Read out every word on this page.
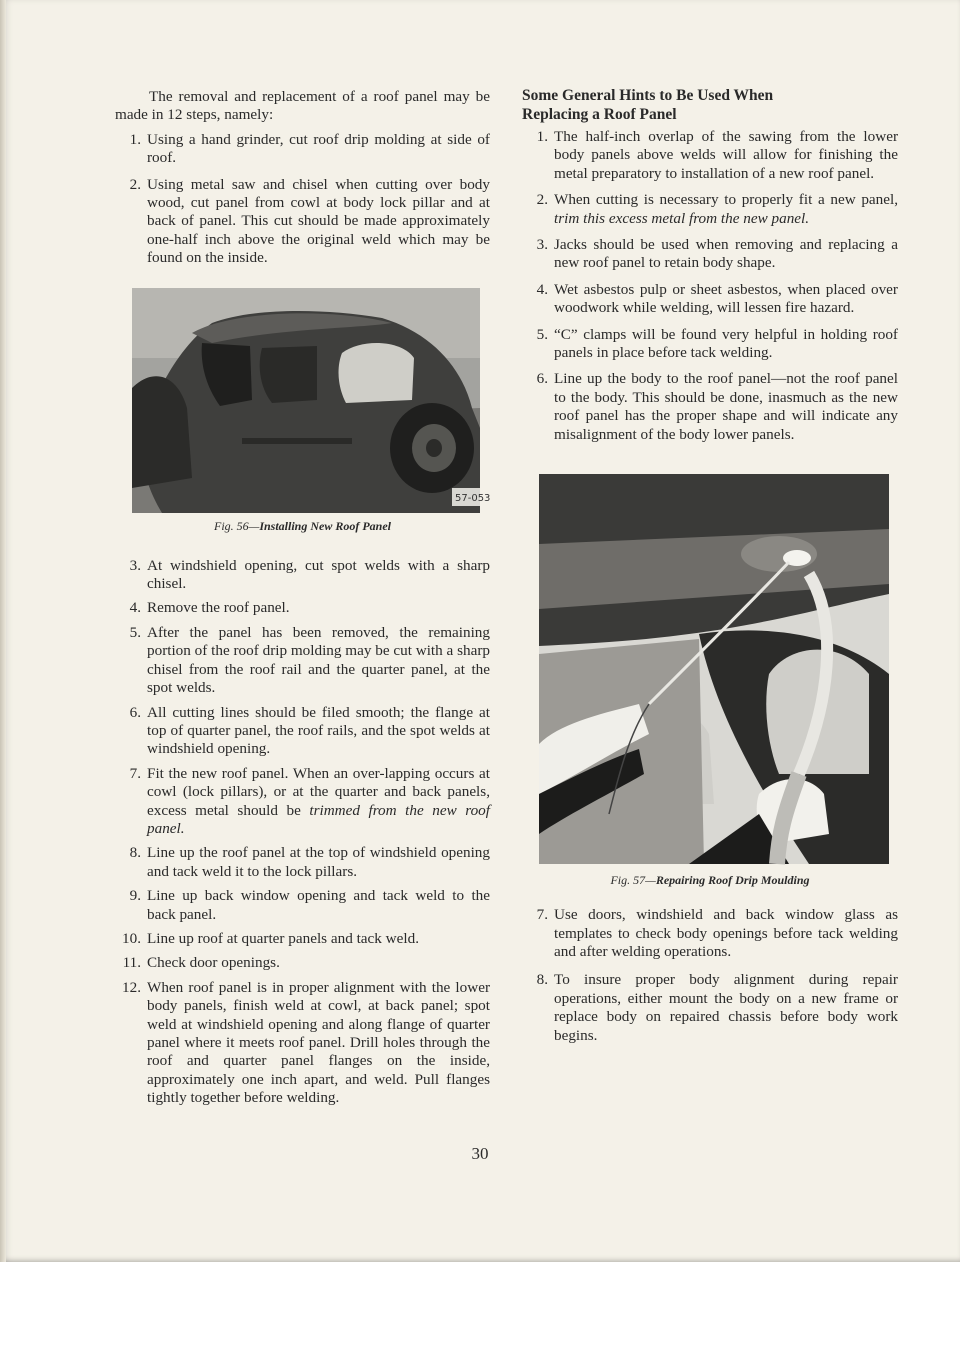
The removal and replacement of a roof panel may be made in 12 steps, namely:

1. Using a hand grinder, cut roof drip molding at side of roof.
2. Using metal saw and chisel when cutting over body wood, cut panel from cowl at body lock pillar and at back of panel. This cut should be made approximately one-half inch above the original weld which may be found on the inside.
57-053
Fig. 56—Installing New Roof Panel
3. At windshield opening, cut spot welds with a sharp chisel.
4. Remove the roof panel.
5. After the panel has been removed, the remaining portion of the roof drip molding may be cut with a sharp chisel from the roof rail and the quarter panel, at the spot welds.
6. All cutting lines should be filed smooth; the flange at top of quarter panel, the roof rails, and the spot welds at windshield opening.
7. Fit the new roof panel. When an over-lapping occurs at cowl (lock pillars), or at the quarter and back panels, excess metal should be trimmed from the new roof panel.
8. Line up the roof panel at the top of windshield opening and tack weld it to the lock pillars.
9. Line up back window opening and tack weld to the back panel.
10. Line up roof at quarter panels and tack weld.
11. Check door openings.
12. When roof panel is in proper alignment with the lower body panels, finish weld at cowl, at back panel; spot weld at windshield opening and along flange of quarter panel where it meets roof panel. Drill holes through the roof and quarter panel flanges on the inside, approximately one inch apart, and weld. Pull flanges tightly together before welding.
Some General Hints to Be Used When
Replacing a Roof Panel
1. The half-inch overlap of the sawing from the lower body panels above welds will allow for finishing the metal preparatory to installation of a new roof panel.
2. When cutting is necessary to properly fit a new panel, trim this excess metal from the new panel.
3. Jacks should be used when removing and replacing a new roof panel to retain body shape.
4. Wet asbestos pulp or sheet asbestos, when placed over woodwork while welding, will lessen fire hazard.
5. “C” clamps will be found very helpful in holding roof panels in place before tack welding.
6. Line up the body to the roof panel—not the roof panel to the body. This should be done, inasmuch as the new roof panel has the proper shape and will indicate any misalignment of the body lower panels.
Fig. 57—Repairing Roof Drip Moulding
7. Use doors, windshield and back window glass as templates to check body openings before tack welding and after welding operations.
8. To insure proper body alignment during repair operations, either mount the body on a new frame or replace body on repaired chassis before body work begins.
30
